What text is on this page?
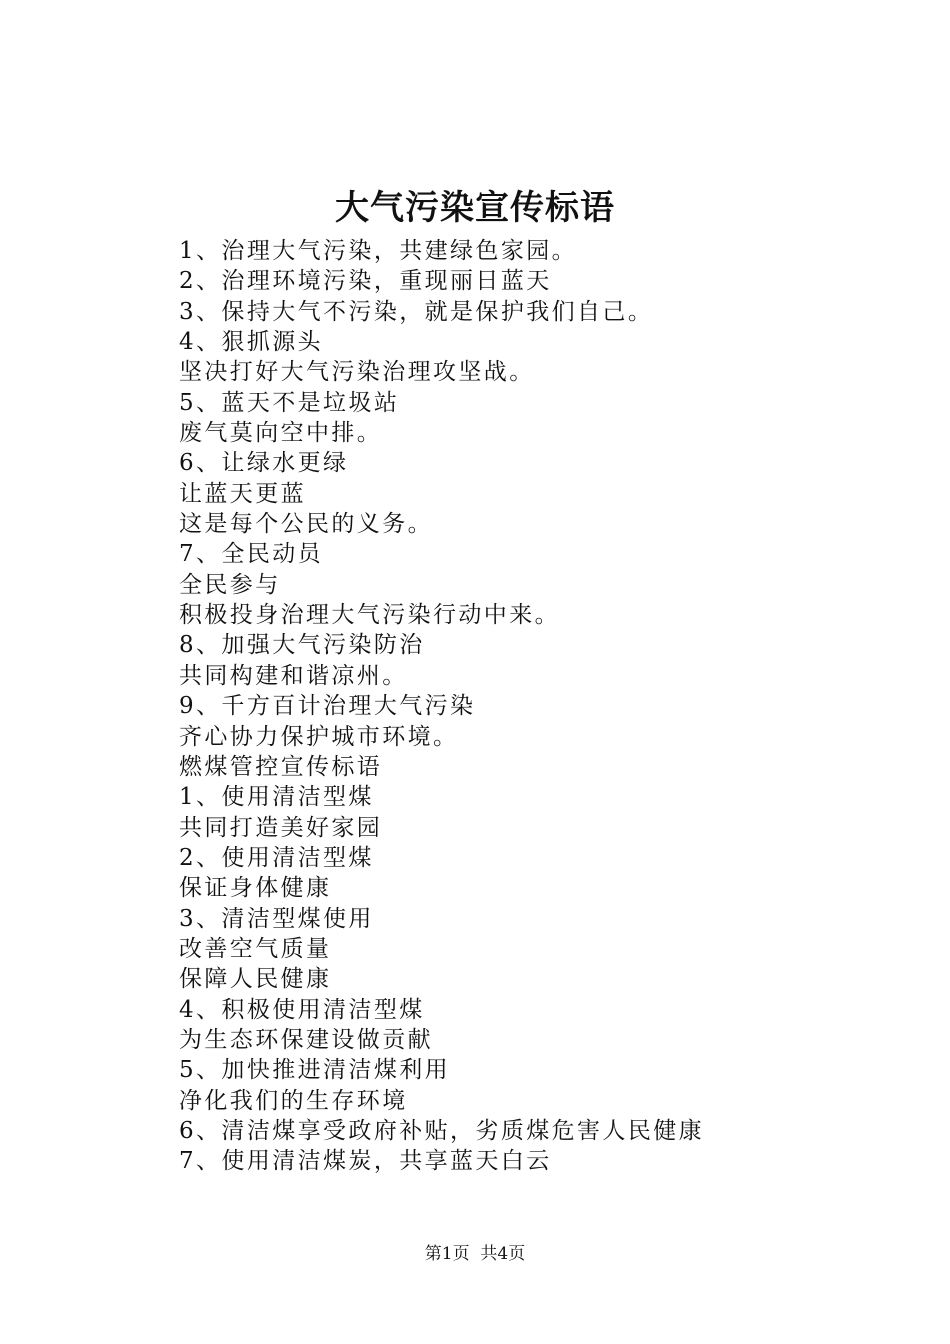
大气污染宣传标语
1、治理大气污染，共建绿色家园。
2、治理环境污染，重现丽日蓝天
3、保持大气不污染，就是保护我们自己。
4、狠抓源头
坚决打好大气污染治理攻坚战。
5、蓝天不是垃圾站
废气莫向空中排。
6、让绿水更绿
让蓝天更蓝
这是每个公民的义务。
7、全民动员
全民参与
积极投身治理大气污染行动中来。
8、加强大气污染防治
共同构建和谐凉州。
9、千方百计治理大气污染
齐心协力保护城市环境。
燃煤管控宣传标语
1、使用清洁型煤
共同打造美好家园
2、使用清洁型煤
保证身体健康
3、清洁型煤使用
改善空气质量
保障人民健康
4、积极使用清洁型煤
为生态环保建设做贡献
5、加快推进清洁煤利用
净化我们的生存环境
6、清洁煤享受政府补贴，劣质煤危害人民健康
7、使用清洁煤炭，共享蓝天白云
第1页  共4页
